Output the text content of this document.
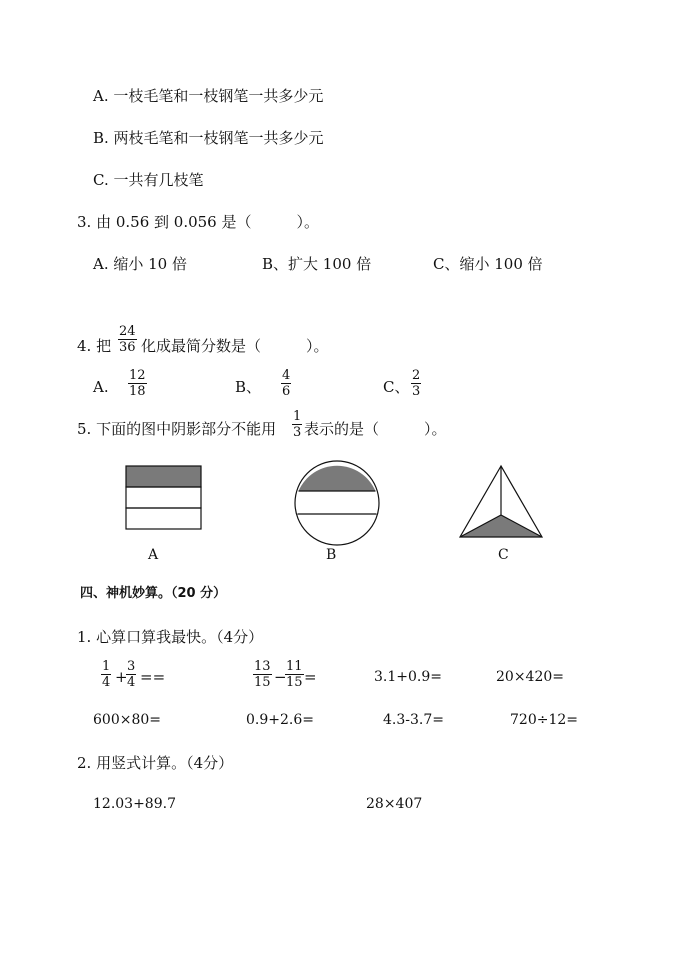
A. 一枝毛笔和一枝钢笔一共多少元
B. 两枝毛笔和一枝钢笔一共多少元
C. 一共有几枝笔
3. 由 0.56 到 0.056 是（　　　）。
A. 缩小 10 倍	B、扩大 100 倍	C、缩小 100 倍
4. 把
24
36 化成最简分数是（　　　）。
A.
12
18	B、
4
6	C、
2
3
5. 下面的图中阴影部分不能用
1
3 表示的是（　　　）。
A	B	C
四、神机妙算。（20 分）
1. 心算口算我最快。（4分）
1
4 +
3
4 ==
13
15 −
11
15 =	3.1+0.9=	20×420=
600×80=	0.9+2.6=	4.3-3.7=	720÷12=
2. 用竖式计算。（4分）
12.03+89.7	28×407
